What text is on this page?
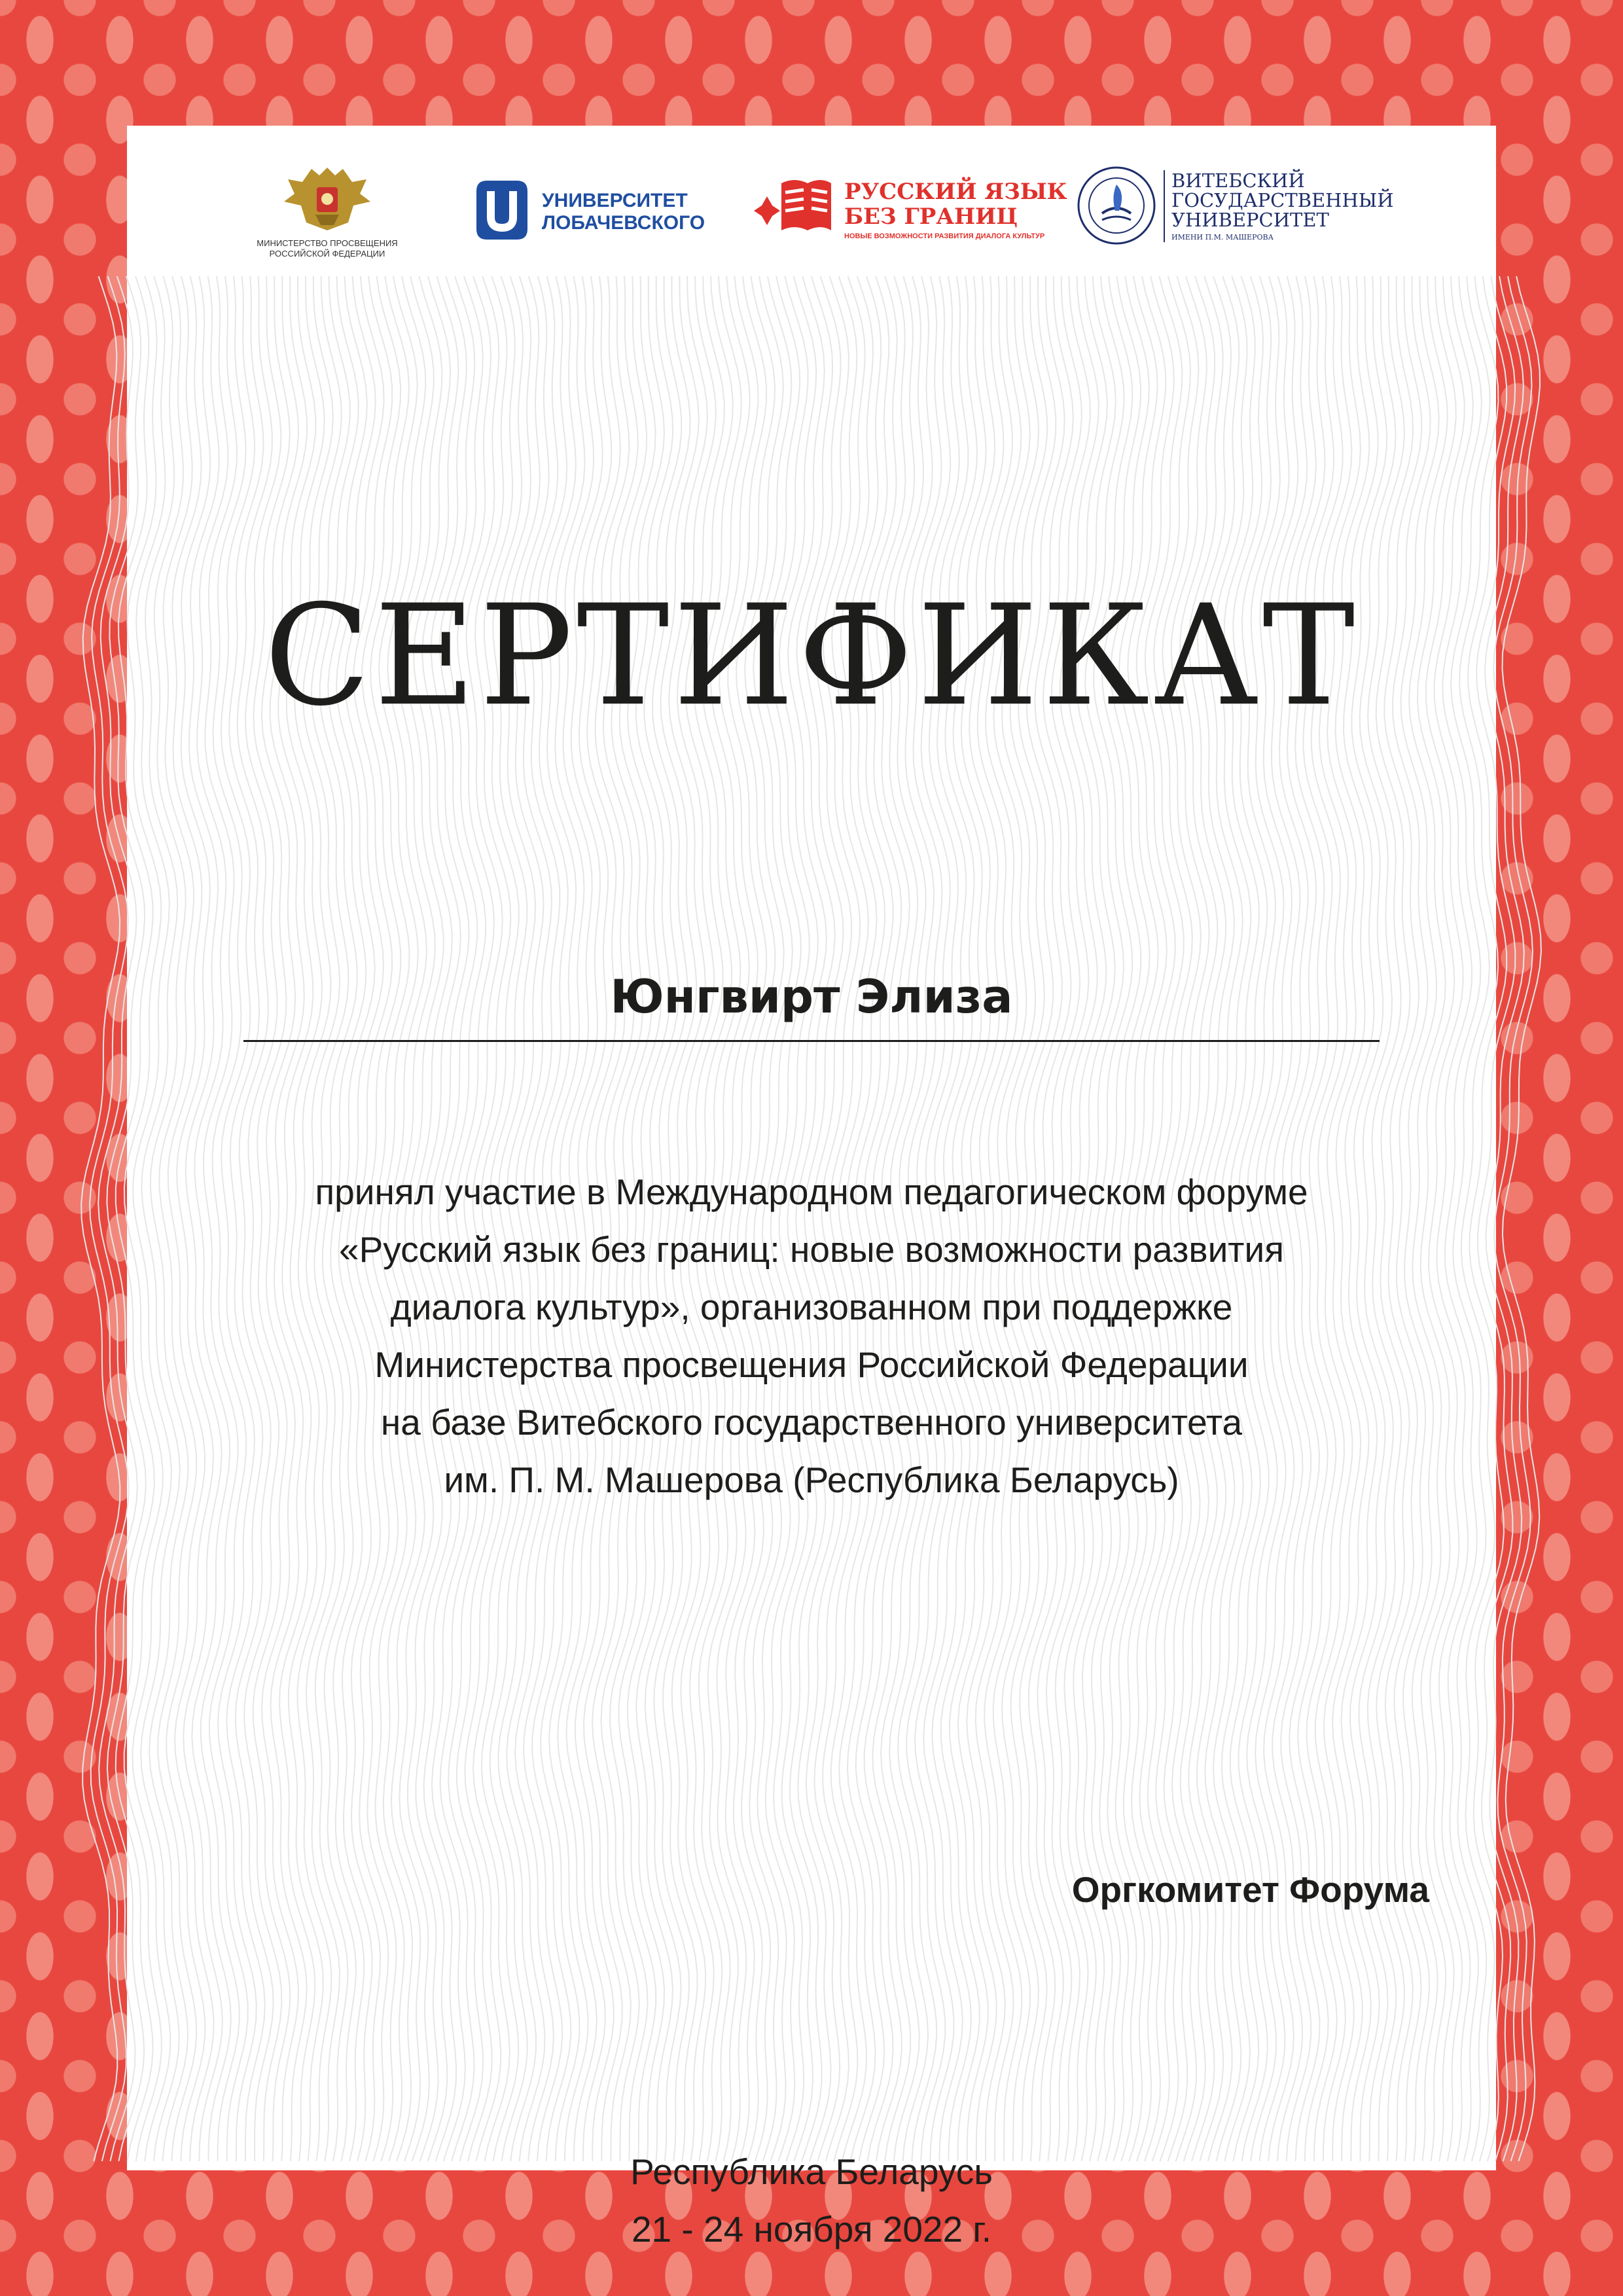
МИНИСТЕРСТВО ПРОСВЕЩЕНИЯ РОССИЙСКОЙ ФЕДЕРАЦИИ
УНИВЕРСИТЕТ
ЛОБАЧЕВСКОГО
РУССКИЙ ЯЗЫК
БЕЗ ГРАНИЦ
НОВЫЕ ВОЗМОЖНОСТИ РАЗВИТИЯ ДИАЛОГА КУЛЬТУР
ВИТЕБСКИЙ
ГОСУДАРСТВЕННЫЙ
УНИВЕРСИТЕТ
ИМЕНИ П.М. МАШЕРОВА
СЕРТИФИКАТ
Юнгвирт Элиза
принял участие в Международном педагогическом форуме
«Русский язык без границ: новые возможности развития
диалога культур», организованном при поддержке
Министерства просвещения Российской Федерации
на базе Витебского государственного университета
им. П. М. Машерова (Республика Беларусь)
Оргкомитет Форума
Республика Беларусь
21 - 24 ноября 2022 г.
